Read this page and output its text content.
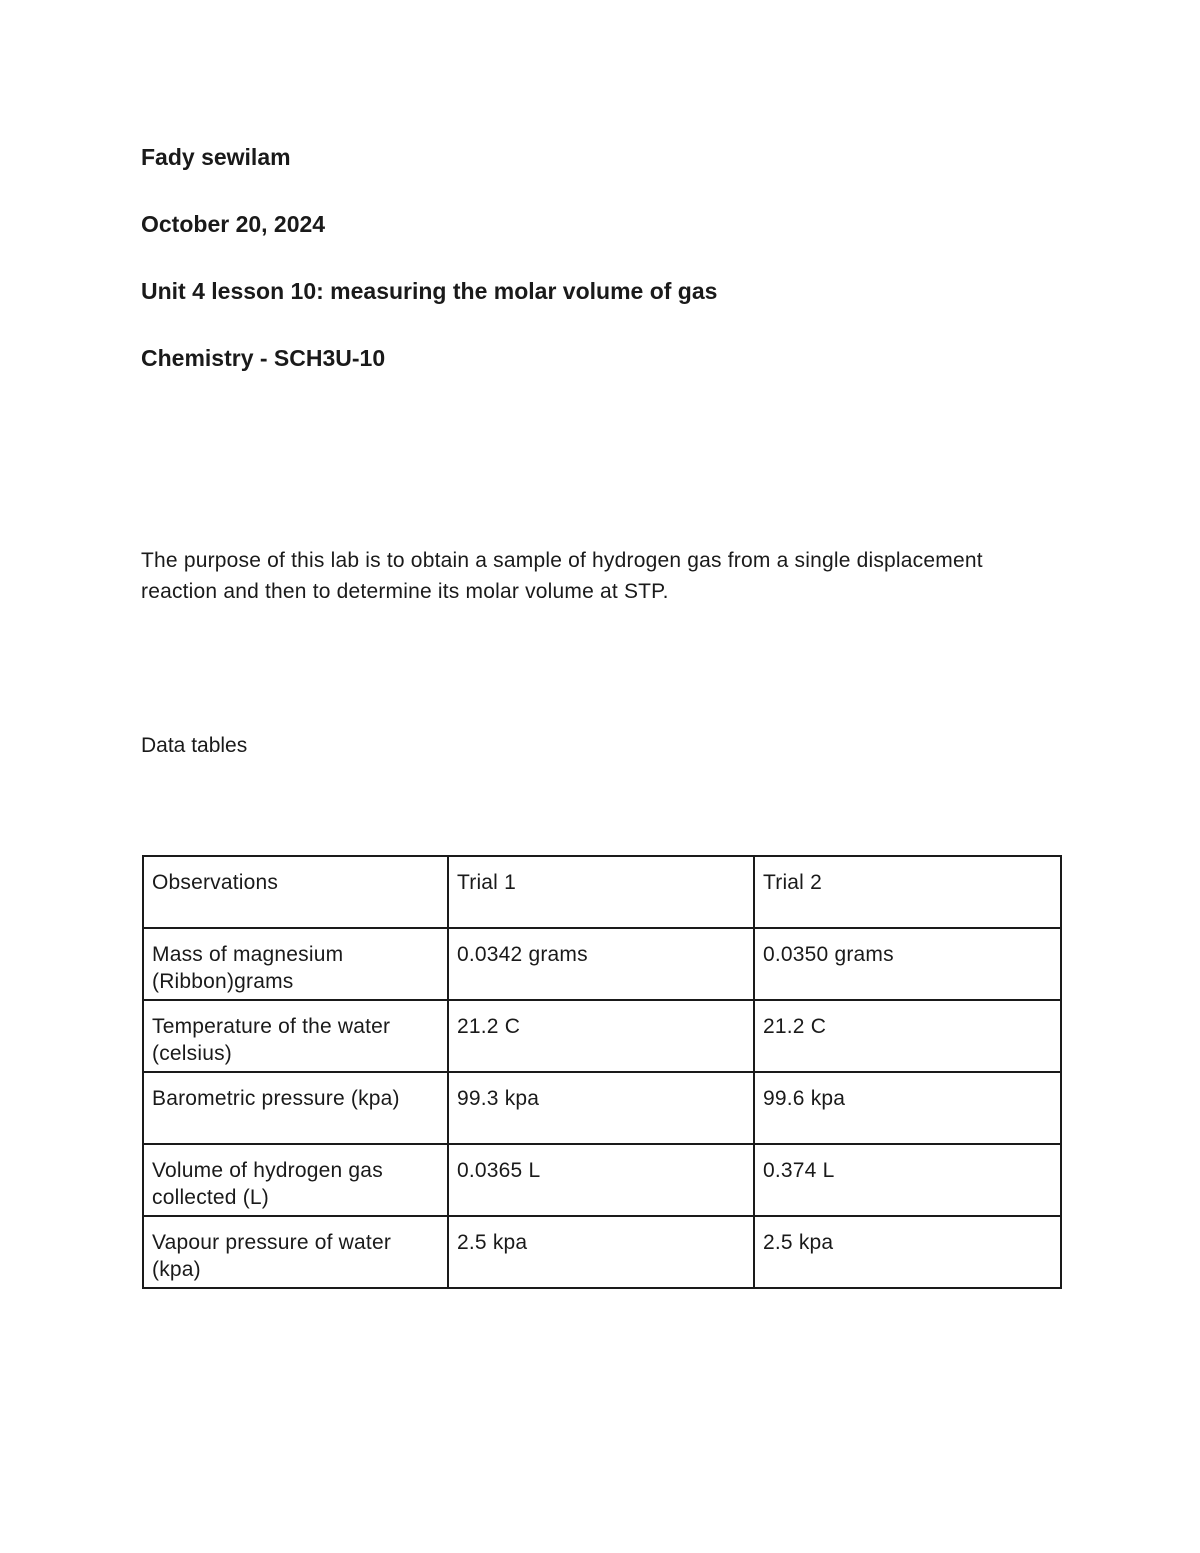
Fady sewilam

October 20, 2024

Unit 4 lesson 10: measuring the molar volume of gas

Chemistry - SCH3U-10

The purpose of this lab is to obtain a sample of hydrogen gas from a single displacement reaction and then to determine its molar volume at STP.

Data tables

Observations	Trial 1	Trial 2
Mass of magnesium (Ribbon)grams	0.0342 grams	0.0350 grams
Temperature of the water (celsius)	21.2 C	21.2 C
Barometric pressure (kpa)	99.3 kpa	99.6 kpa
Volume of hydrogen gas collected (L)	0.0365 L	0.374 L
Vapour pressure of water (kpa)	2.5 kpa	2.5 kpa
